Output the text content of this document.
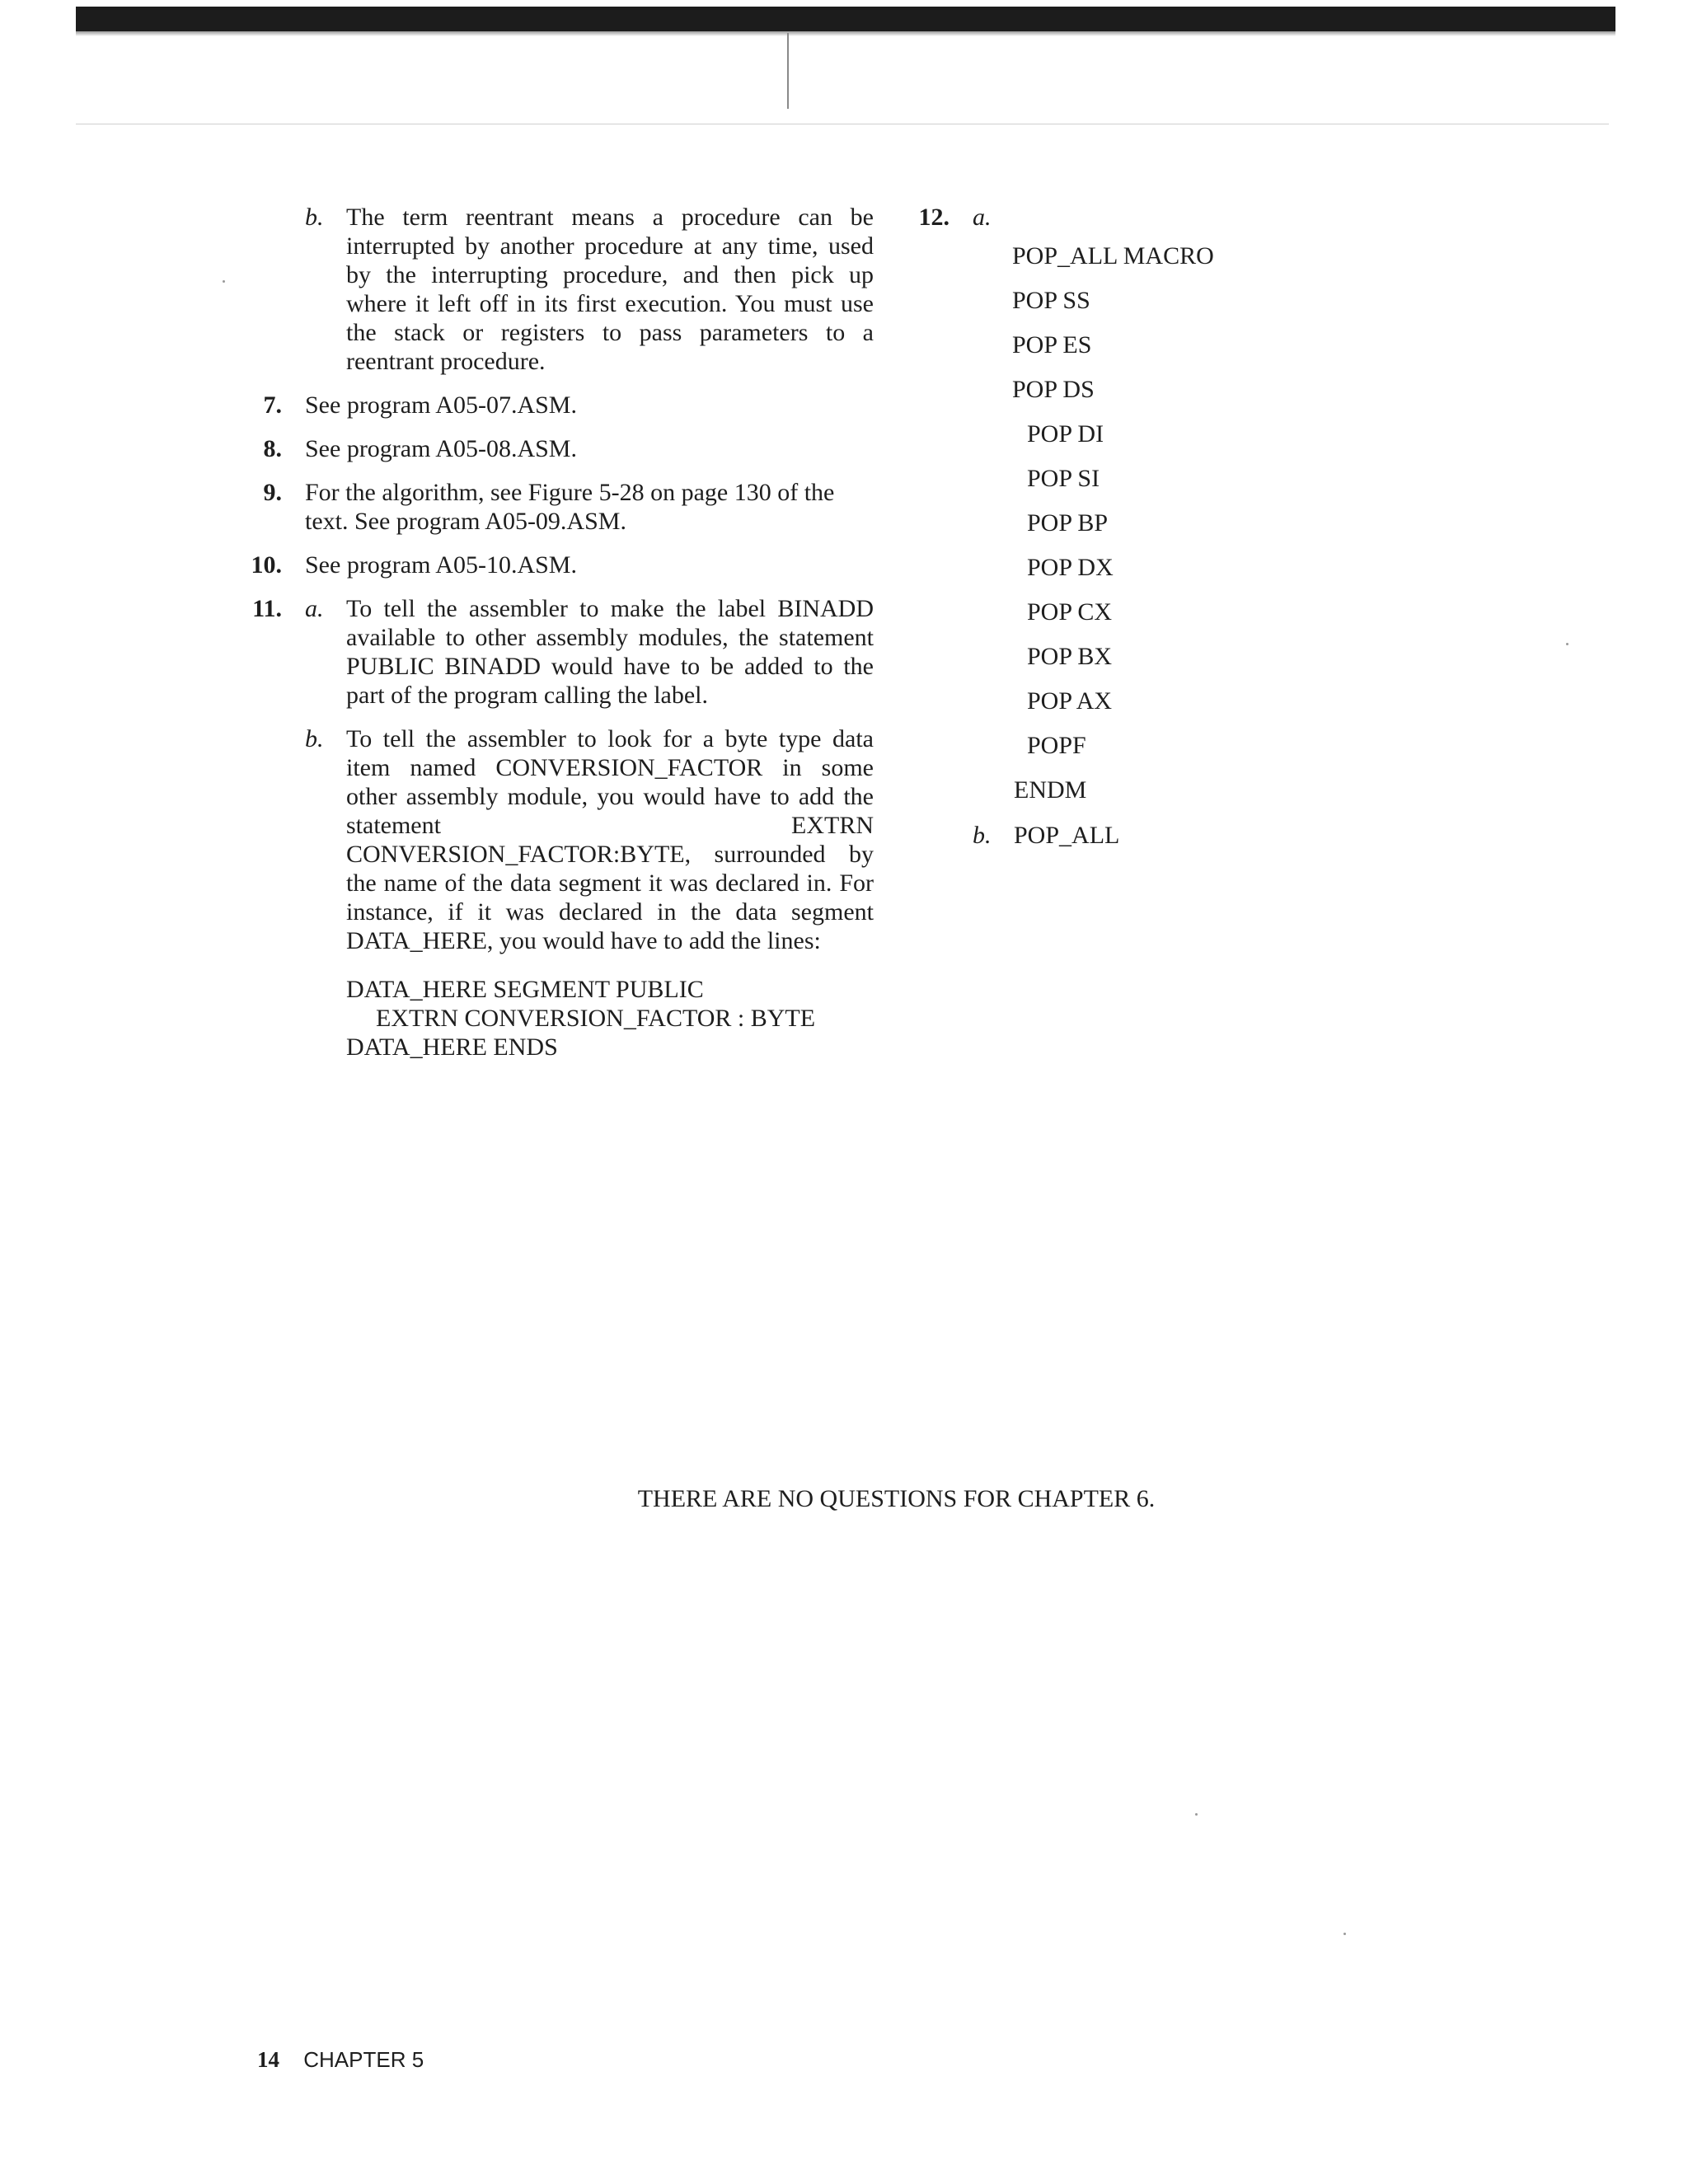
b. The term reentrant means a procedure can be interrupted by another procedure at any time, used by the interrupting procedure, and then pick up where it left off in its first execution. You must use the stack or registers to pass parameters to a reentrant procedure.
7. See program A05-07.ASM.
8. See program A05-08.ASM.
9. For the algorithm, see Figure 5-28 on page 130 of the text. See program A05-09.ASM.
10. See program A05-10.ASM.
11. a. To tell the assembler to make the label BINADD available to other assembly modules, the statement PUBLIC BINADD would have to be added to the part of the program calling the label.
b. To tell the assembler to look for a byte type data item named CONVERSION_FACTOR in some other assembly module, you would have to add the statement EXTRN CONVERSION_FACTOR:BYTE, surrounded by the name of the data segment it was declared in. For instance, if it was declared in the data segment DATA_HERE, you would have to add the lines:
DATA_HERE SEGMENT PUBLIC
EXTRN CONVERSION_FACTOR : BYTE
DATA_HERE ENDS
12. a.
POP_ALL MACRO
POP SS
POP ES
POP DS
POP DI
POP SI
POP BP
POP DX
POP CX
POP BX
POP AX
POPF
ENDM
b. POP_ALL
THERE ARE NO QUESTIONS FOR CHAPTER 6.
14 CHAPTER 5
